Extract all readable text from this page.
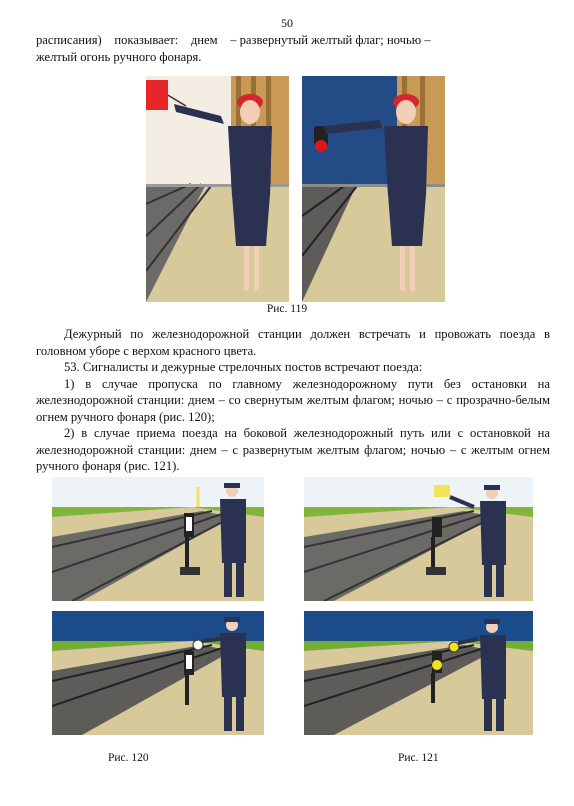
50
расписания)    показывает:    днем    – развернутый желтый флаг; ночью –
желтый огонь ручного фонаря.
Рис. 119

Дежурный по железнодорожной станции должен встречать и провожать поезда в головном уборе с верхом красного цвета.

53. Сигналисты и дежурные стрелочных постов встречают поезда:

1) в случае пропуска по главному железнодорожному пути без остановки на железнодорожной станции: днем – со свернутым желтым флагом; ночью – с прозрачно-белым огнем ручного фонаря (рис. 120);

2) в случае приема поезда на боковой железнодорожный путь или с остановкой на железнодорожной станции: днем – с развернутым желтым флагом; ночью – с желтым огнем ручного фонаря (рис. 121).

Рис. 120	Рис. 121
